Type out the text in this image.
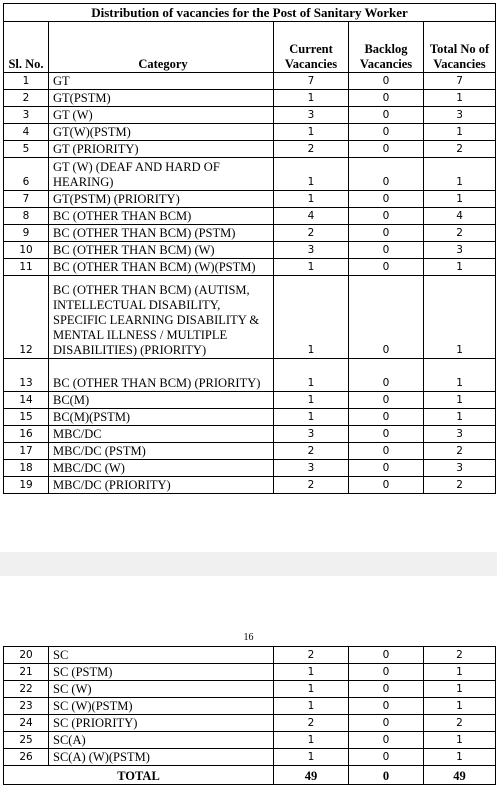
Distribution of vacancies for the Post of Sanitary Worker				
Sl. No.	Category	Current Vacancies	Backlog Vacancies	Total No of Vacancies
1	GT	7	0	7
2	GT(PSTM)	1	0	1
3	GT (W)	3	0	3
4	GT(W)(PSTM)	1	0	1
5	GT (PRIORITY)	2	0	2
6	GT (W) (DEAF AND HARD OF HEARING)	1	0	1
7	GT(PSTM) (PRIORITY)	1	0	1
8	BC (OTHER THAN BCM)	4	0	4
9	BC (OTHER THAN BCM) (PSTM)	2	0	2
10	BC (OTHER THAN BCM) (W)	3	0	3
11	BC (OTHER THAN BCM) (W)(PSTM)	1	0	1
12	BC (OTHER THAN BCM) (AUTISM, INTELLECTUAL DISABILITY, SPECIFIC LEARNING DISABILITY & MENTAL ILLNESS / MULTIPLE DISABILITIES) (PRIORITY)	1	0	1
13	BC (OTHER THAN BCM) (PRIORITY)	1	0	1
14	BC(M)	1	0	1
15	BC(M)(PSTM)	1	0	1
16	MBC/DC	3	0	3
17	MBC/DC (PSTM)	2	0	2
18	MBC/DC (W)	3	0	3
19	MBC/DC (PRIORITY)	2	0	2
16
20	SC	2	0	2
21	SC (PSTM)	1	0	1
22	SC (W)	1	0	1
23	SC (W)(PSTM)	1	0	1
24	SC (PRIORITY)	2	0	2
25	SC(A)	1	0	1
26	SC(A) (W)(PSTM)	1	0	1
TOTAL		49	0	49
